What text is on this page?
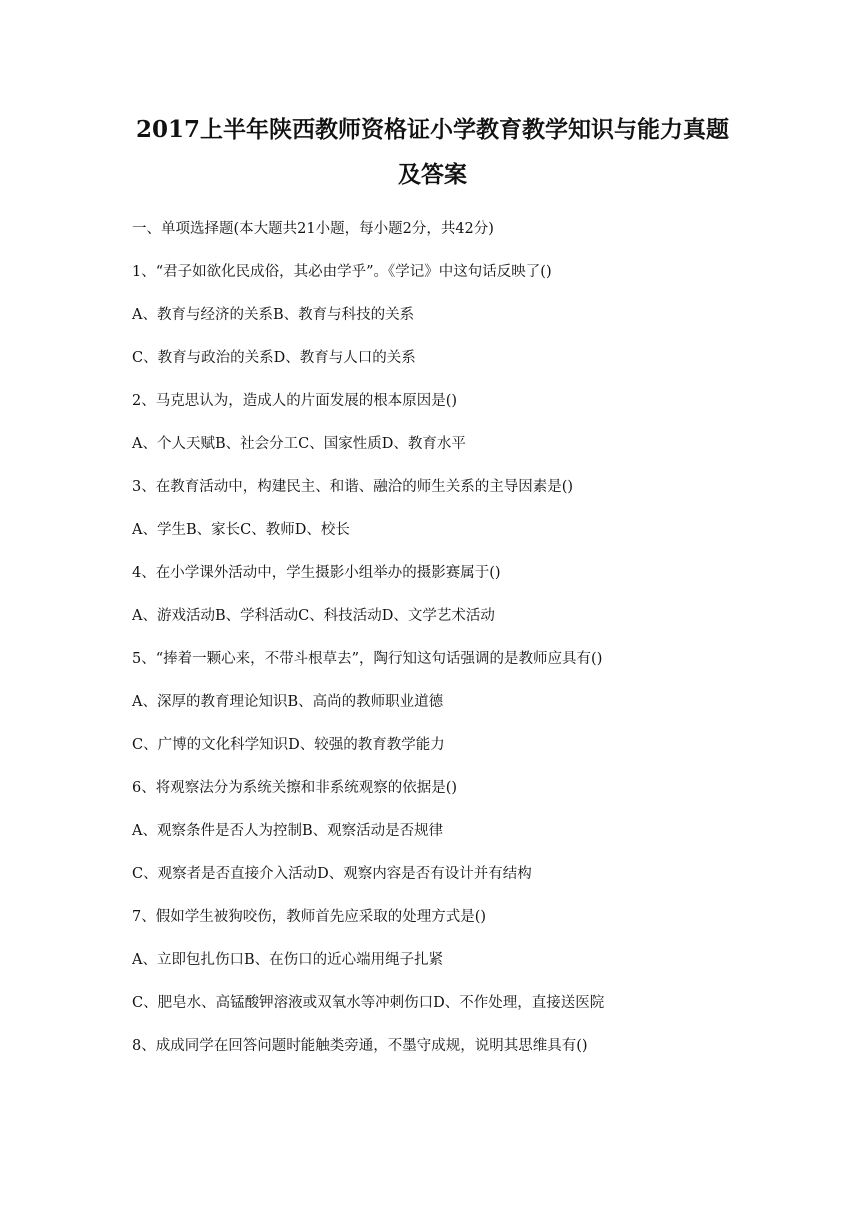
2017上半年陕西教师资格证小学教育教学知识与能力真题
及答案
一、单项选择题(本大题共21小题，每小题2分，共42分)
1、“君子如欲化民成俗，其必由学乎”。《学记》中这句话反映了()
A、教育与经济的关系B、教育与科技的关系
C、教育与政治的关系D、教育与人口的关系
2、马克思认为，造成人的片面发展的根本原因是()
A、个人天赋B、社会分工C、国家性质D、教育水平
3、在教育活动中，构建民主、和谐、融洽的师生关系的主导因素是()
A、学生B、家长C、教师D、校长
4、在小学课外活动中，学生摄影小组举办的摄影赛属于()
A、游戏活动B、学科活动C、科技活动D、文学艺术活动
5、“捧着一颗心来，不带斗根草去”，陶行知这句话强调的是教师应具有()
A、深厚的教育理论知识B、高尚的教师职业道德
C、广博的文化科学知识D、较强的教育教学能力
6、将观察法分为系统关擦和非系统观察的依据是()
A、观察条件是否人为控制B、观察活动是否规律
C、观察者是否直接介入活动D、观察内容是否有设计并有结构
7、假如学生被狗咬伤，教师首先应采取的处理方式是()
A、立即包扎伤口B、在伤口的近心端用绳子扎紧
C、肥皂水、高锰酸钾溶液或双氧水等冲刺伤口D、不作处理，直接送医院
8、成成同学在回答问题时能触类旁通，不墨守成规，说明其思维具有()
